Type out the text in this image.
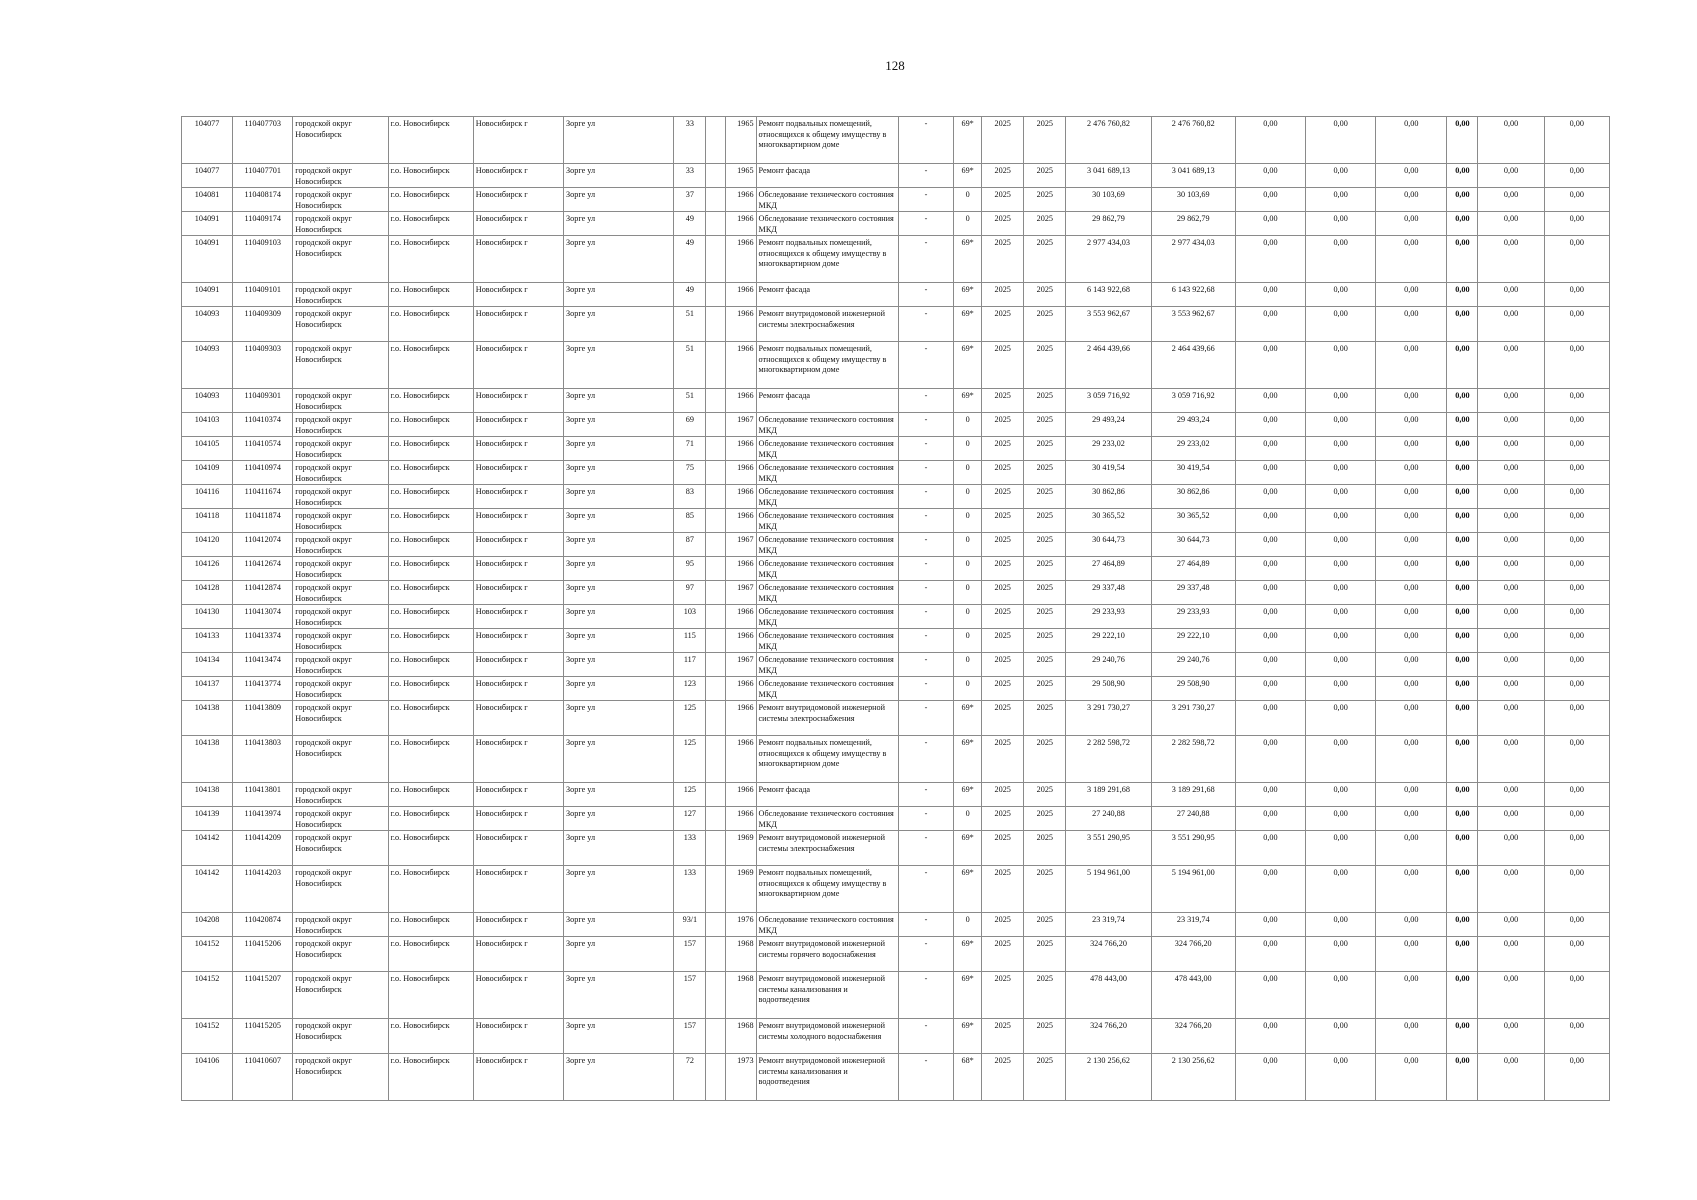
128
104077	110407703	городской округ Новосибирск	г.о. Новосибирск	Новосибирск г	Зорге ул	33		1965	Ремонт подвальных помещений, относящихся к общему имуществу в многоквартирном доме	-	69*	2025	2025	2 476 760,82	2 476 760,82	0,00	0,00	0,00	0,00	0,00	0,00
104077	110407701	городской округ Новосибирск	г.о. Новосибирск	Новосибирск г	Зорге ул	33		1965	Ремонт фасада	-	69*	2025	2025	3 041 689,13	3 041 689,13	0,00	0,00	0,00	0,00	0,00	0,00
104081	110408174	городской округ Новосибирск	г.о. Новосибирск	Новосибирск г	Зорге ул	37		1966	Обследование технического состояния МКД	-	0	2025	2025	30 103,69	30 103,69	0,00	0,00	0,00	0,00	0,00	0,00
104091	110409174	городской округ Новосибирск	г.о. Новосибирск	Новосибирск г	Зорге ул	49		1966	Обследование технического состояния МКД	-	0	2025	2025	29 862,79	29 862,79	0,00	0,00	0,00	0,00	0,00	0,00
104091	110409103	городской округ Новосибирск	г.о. Новосибирск	Новосибирск г	Зорге ул	49		1966	Ремонт подвальных помещений, относящихся к общему имуществу в многоквартирном доме	-	69*	2025	2025	2 977 434,03	2 977 434,03	0,00	0,00	0,00	0,00	0,00	0,00
104091	110409101	городской округ Новосибирск	г.о. Новосибирск	Новосибирск г	Зорге ул	49		1966	Ремонт фасада	-	69*	2025	2025	6 143 922,68	6 143 922,68	0,00	0,00	0,00	0,00	0,00	0,00
104093	110409309	городской округ Новосибирск	г.о. Новосибирск	Новосибирск г	Зорге ул	51		1966	Ремонт внутридомовой инженерной системы электроснабжения	-	69*	2025	2025	3 553 962,67	3 553 962,67	0,00	0,00	0,00	0,00	0,00	0,00
104093	110409303	городской округ Новосибирск	г.о. Новосибирск	Новосибирск г	Зорге ул	51		1966	Ремонт подвальных помещений, относящихся к общему имуществу в многоквартирном доме	-	69*	2025	2025	2 464 439,66	2 464 439,66	0,00	0,00	0,00	0,00	0,00	0,00
104093	110409301	городской округ Новосибирск	г.о. Новосибирск	Новосибирск г	Зорге ул	51		1966	Ремонт фасада	-	69*	2025	2025	3 059 716,92	3 059 716,92	0,00	0,00	0,00	0,00	0,00	0,00
104103	110410374	городской округ Новосибирск	г.о. Новосибирск	Новосибирск г	Зорге ул	69		1967	Обследование технического состояния МКД	-	0	2025	2025	29 493,24	29 493,24	0,00	0,00	0,00	0,00	0,00	0,00
104105	110410574	городской округ Новосибирск	г.о. Новосибирск	Новосибирск г	Зорге ул	71		1966	Обследование технического состояния МКД	-	0	2025	2025	29 233,02	29 233,02	0,00	0,00	0,00	0,00	0,00	0,00
104109	110410974	городской округ Новосибирск	г.о. Новосибирск	Новосибирск г	Зорге ул	75		1966	Обследование технического состояния МКД	-	0	2025	2025	30 419,54	30 419,54	0,00	0,00	0,00	0,00	0,00	0,00
104116	110411674	городской округ Новосибирск	г.о. Новосибирск	Новосибирск г	Зорге ул	83		1966	Обследование технического состояния МКД	-	0	2025	2025	30 862,86	30 862,86	0,00	0,00	0,00	0,00	0,00	0,00
104118	110411874	городской округ Новосибирск	г.о. Новосибирск	Новосибирск г	Зорге ул	85		1966	Обследование технического состояния МКД	-	0	2025	2025	30 365,52	30 365,52	0,00	0,00	0,00	0,00	0,00	0,00
104120	110412074	городской округ Новосибирск	г.о. Новосибирск	Новосибирск г	Зорге ул	87		1967	Обследование технического состояния МКД	-	0	2025	2025	30 644,73	30 644,73	0,00	0,00	0,00	0,00	0,00	0,00
104126	110412674	городской округ Новосибирск	г.о. Новосибирск	Новосибирск г	Зорге ул	95		1966	Обследование технического состояния МКД	-	0	2025	2025	27 464,89	27 464,89	0,00	0,00	0,00	0,00	0,00	0,00
104128	110412874	городской округ Новосибирск	г.о. Новосибирск	Новосибирск г	Зорге ул	97		1967	Обследование технического состояния МКД	-	0	2025	2025	29 337,48	29 337,48	0,00	0,00	0,00	0,00	0,00	0,00
104130	110413074	городской округ Новосибирск	г.о. Новосибирск	Новосибирск г	Зорге ул	103		1966	Обследование технического состояния МКД	-	0	2025	2025	29 233,93	29 233,93	0,00	0,00	0,00	0,00	0,00	0,00
104133	110413374	городской округ Новосибирск	г.о. Новосибирск	Новосибирск г	Зорге ул	115		1966	Обследование технического состояния МКД	-	0	2025	2025	29 222,10	29 222,10	0,00	0,00	0,00	0,00	0,00	0,00
104134	110413474	городской округ Новосибирск	г.о. Новосибирск	Новосибирск г	Зорге ул	117		1967	Обследование технического состояния МКД	-	0	2025	2025	29 240,76	29 240,76	0,00	0,00	0,00	0,00	0,00	0,00
104137	110413774	городской округ Новосибирск	г.о. Новосибирск	Новосибирск г	Зорге ул	123		1966	Обследование технического состояния МКД	-	0	2025	2025	29 508,90	29 508,90	0,00	0,00	0,00	0,00	0,00	0,00
104138	110413809	городской округ Новосибирск	г.о. Новосибирск	Новосибирск г	Зорге ул	125		1966	Ремонт внутридомовой инженерной системы электроснабжения	-	69*	2025	2025	3 291 730,27	3 291 730,27	0,00	0,00	0,00	0,00	0,00	0,00
104138	110413803	городской округ Новосибирск	г.о. Новосибирск	Новосибирск г	Зорге ул	125		1966	Ремонт подвальных помещений, относящихся к общему имуществу в многоквартирном доме	-	69*	2025	2025	2 282 598,72	2 282 598,72	0,00	0,00	0,00	0,00	0,00	0,00
104138	110413801	городской округ Новосибирск	г.о. Новосибирск	Новосибирск г	Зорге ул	125		1966	Ремонт фасада	-	69*	2025	2025	3 189 291,68	3 189 291,68	0,00	0,00	0,00	0,00	0,00	0,00
104139	110413974	городской округ Новосибирск	г.о. Новосибирск	Новосибирск г	Зорге ул	127		1966	Обследование технического состояния МКД	-	0	2025	2025	27 240,88	27 240,88	0,00	0,00	0,00	0,00	0,00	0,00
104142	110414209	городской округ Новосибирск	г.о. Новосибирск	Новосибирск г	Зорге ул	133		1969	Ремонт внутридомовой инженерной системы электроснабжения	-	69*	2025	2025	3 551 290,95	3 551 290,95	0,00	0,00	0,00	0,00	0,00	0,00
104142	110414203	городской округ Новосибирск	г.о. Новосибирск	Новосибирск г	Зорге ул	133		1969	Ремонт подвальных помещений, относящихся к общему имуществу в многоквартирном доме	-	69*	2025	2025	5 194 961,00	5 194 961,00	0,00	0,00	0,00	0,00	0,00	0,00
104208	110420874	городской округ Новосибирск	г.о. Новосибирск	Новосибирск г	Зорге ул	93/1		1976	Обследование технического состояния МКД	-	0	2025	2025	23 319,74	23 319,74	0,00	0,00	0,00	0,00	0,00	0,00
104152	110415206	городской округ Новосибирск	г.о. Новосибирск	Новосибирск г	Зорге ул	157		1968	Ремонт внутридомовой инженерной системы горячего водоснабжения	-	69*	2025	2025	324 766,20	324 766,20	0,00	0,00	0,00	0,00	0,00	0,00
104152	110415207	городской округ Новосибирск	г.о. Новосибирск	Новосибирск г	Зорге ул	157		1968	Ремонт внутридомовой инженерной системы канализования и водоотведения	-	69*	2025	2025	478 443,00	478 443,00	0,00	0,00	0,00	0,00	0,00	0,00
104152	110415205	городской округ Новосибирск	г.о. Новосибирск	Новосибирск г	Зорге ул	157		1968	Ремонт внутридомовой инженерной системы холодного водоснабжения	-	69*	2025	2025	324 766,20	324 766,20	0,00	0,00	0,00	0,00	0,00	0,00
104106	110410607	городской округ Новосибирск	г.о. Новосибирск	Новосибирск г	Зорге ул	72		1973	Ремонт внутридомовой инженерной системы канализования и водоотведения	-	68*	2025	2025	2 130 256,62	2 130 256,62	0,00	0,00	0,00	0,00	0,00	0,00
